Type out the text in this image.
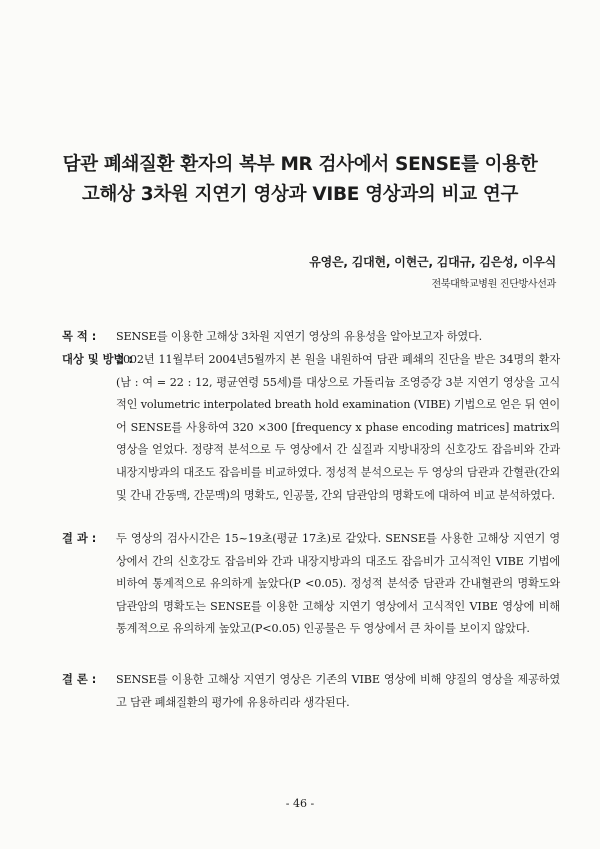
담관 폐쇄질환 환자의 복부 MR 검사에서 SENSE를 이용한
고해상 3차원 지연기 영상과 VIBE 영상과의 비교 연구
유영은, 김대현, 이현근, 김대규, 김은성, 이우식
전북대학교병원 진단방사선과
목 적 : SENSE를 이용한 고해상 3차원 지연기 영상의 유용성을 알아보고자 하였다.
대상 및 방법 :
2002년 11월부터 2004년5월까지 본 원을 내원하여 담관 폐쇄의 진단을 받은 34명의 환자 (남 : 여 = 22 : 12, 평균연령 55세)를 대상으로 가돌리늄 조영증강 3분 지연기 영상을 고식적인 volumetric interpolated breath hold examination (VIBE) 기법으로 얻은 뒤 연이어 SENSE를 사용하여 320 ×300 [frequency x phase encoding matrices] matrix의 영상을 얻었다. 정량적 분석으로 두 영상에서 간 실질과 지방내장의 신호강도 잡음비와 간과 내장지방과의 대조도 잡음비를 비교하였다. 정성적 분석으로는 두 영상의 담관과 간혈관(간외 및 간내 간동맥, 간문맥)의 명확도, 인공물, 간외 담관암의 명확도에 대하여 비교 분석하였다.
결 과 : 두 영상의 검사시간은 15~19초(평균 17초)로 같았다. SENSE를 사용한 고해상 지연기 영상에서 간의 신호강도 잡음비와 간과 내장지방과의 대조도 잡음비가 고식적인 VIBE 기법에 비하여 통계적으로 유의하게 높았다(P <0.05). 정성적 분석중 담관과 간내혈관의 명확도와 담관암의 명확도는 SENSE를 이용한 고해상 지연기 영상에서 고식적인 VIBE 영상에 비해 통계적으로 유의하게 높았고(P<0.05) 인공물은 두 영상에서 큰 차이를 보이지 않았다.
결 론 : SENSE를 이용한 고해상 지연기 영상은 기존의 VIBE 영상에 비해 양질의 영상을 제공하였고 담관 폐쇄질환의 평가에 유용하리라 생각된다.
- 46 -
